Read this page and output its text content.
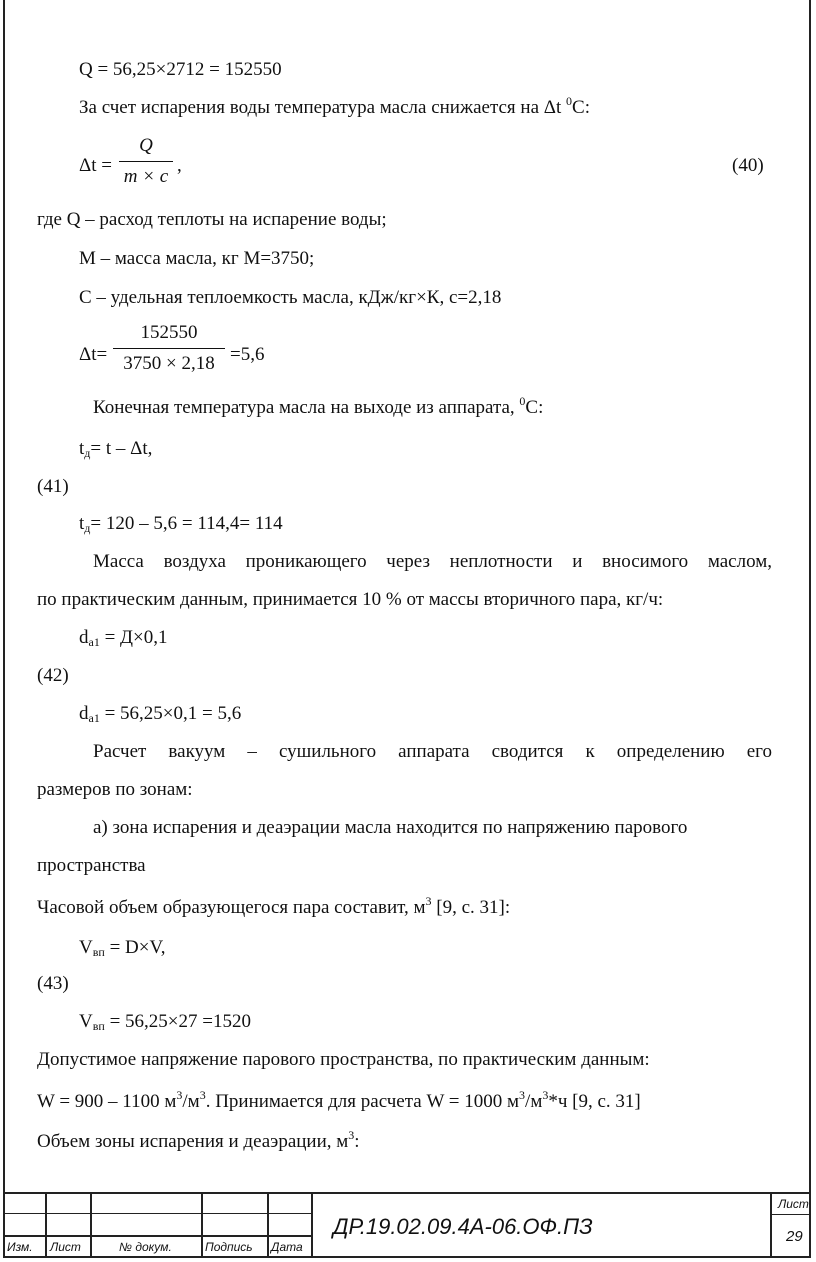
Q = 56,25×2712 = 152550
За счет испарения воды температура масла снижается на Δt $^0$С:
Δt =
Q
m × c
,	(40)
где Q – расход теплоты на испарение воды;
М – масса масла, кг М=3750;
С – удельная теплоемкость масла, кДж/кг×К, с=2,18
Δt=
152550
3750 × 2,18 =5,6
Конечная температура масла на выходе из аппарата, $^0$С:
$t_д= t - \Delta t$,
(41)
$t_д= 120 - 5,6 = 114,4= 114$
Масса воздуха проникающего через неплотности и вносимого маслом,
по практическим данным, принимается 10 % от массы вторичного пара, кг/ч:
$d_{a1} = Д\times 0,1$
(42)
$d_{a1} = 56,25\times 0,1 = 5,6$
Расчет вакуум – сушильного аппарата сводится к определению его
размеров по зонам:
а) зона испарения и деаэрации масла находится по напряжению парового
пространства
Часовой объем образующегося пара составит, $м^3$ [9, с. 31]:
$V_{вп} = D\times V$,
(43)
$V_{вп} = 56,25\times 27 =1520$
Допустимое напряжение парового пространства, по практическим данным:
W = 900 – 1100 $м^3/м^3$. Принимается для расчета W = 1000 $м^3/м^3*ч$ [9, с. 31]
Объем зоны испарения и деаэрации, $м^3$:
Изм. Лист	№ докум.	Подпись Дата
ДР.19.02.09.4А-06.ОФ.ПЗ
Лист
29
